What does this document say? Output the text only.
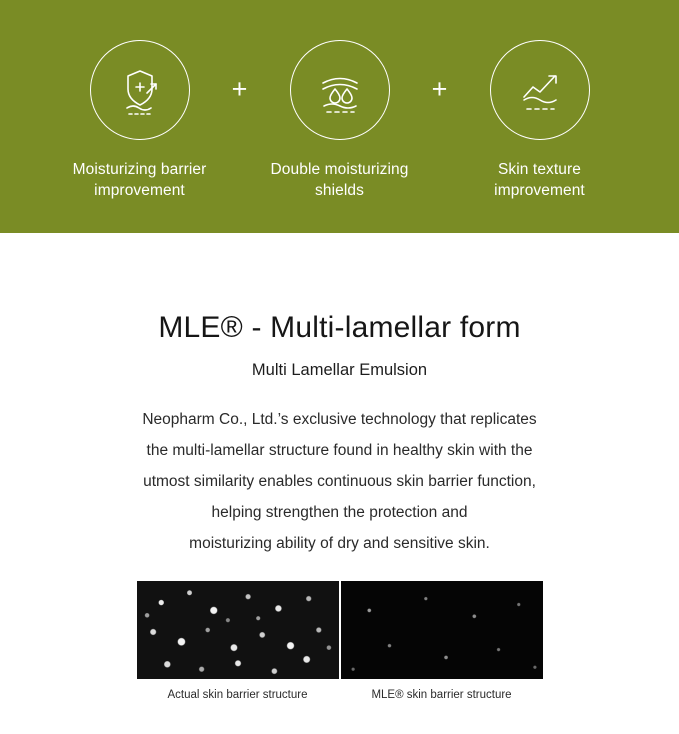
Moisturizing barrier improvement
+
Double moisturizing shields
+
Skin texture improvement
MLE® - Multi-lamellar form
Multi Lamellar Emulsion

Neopharm Co., Ltd.’s exclusive technology that replicates

the multi-lamellar structure found in healthy skin with the

utmost similarity enables continuous skin barrier function,

helping strengthen the protection and

moisturizing ability of dry and sensitive skin.

Actual skin barrier structure	MLE® skin barrier structure
